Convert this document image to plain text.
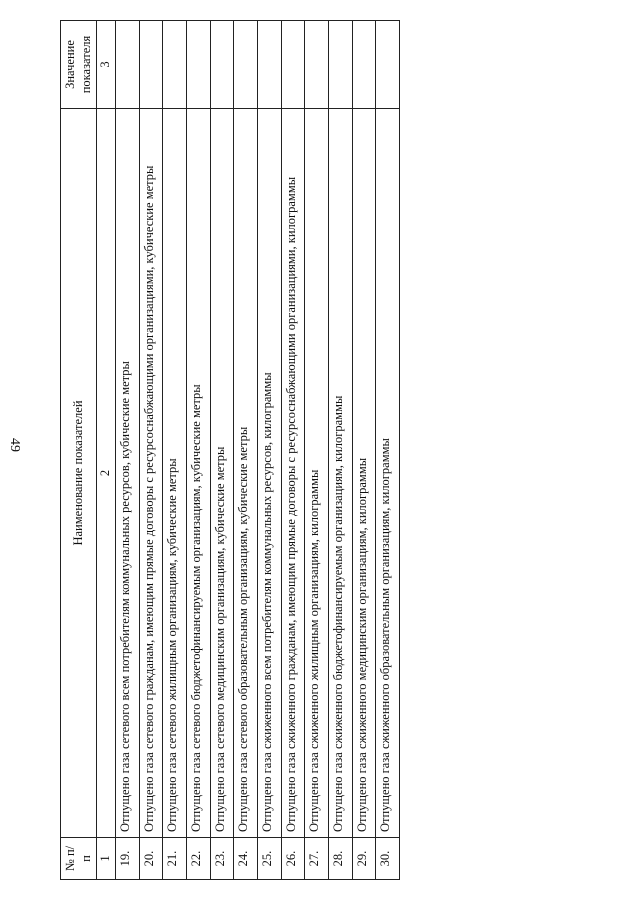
49
№ п/п	Наименование показателей	Значение показателя
1	2	3
19.	Отпущено газа сетевого всем потребителям коммунальных ресурсов, кубические метры	
20.	Отпущено газа сетевого гражданам, имеющим прямые договоры с ресурсоснабжающими организациями, кубические метры	
21.	Отпущено газа сетевого жилищным организациям, кубические метры	
22.	Отпущено газа сетевого бюджетофинансируемым организациям, кубические метры	
23.	Отпущено газа сетевого медицинским организациям, кубические метры	
24.	Отпущено газа сетевого образовательным организациям, кубические метры	
25.	Отпущено газа сжиженного всем потребителям коммунальных ресурсов, килограммы	
26.	Отпущено газа сжиженного гражданам, имеющим прямые договоры с ресурсоснабжающими организациями, килограммы	
27.	Отпущено газа сжиженного жилищным организациям, килограммы	
28.	Отпущено газа сжиженного бюджетофинансируемым организациям, килограммы	
29.	Отпущено газа сжиженного медицинским организациям, килограммы	
30.	Отпущено газа сжиженного образовательным организациям, килограммы	
